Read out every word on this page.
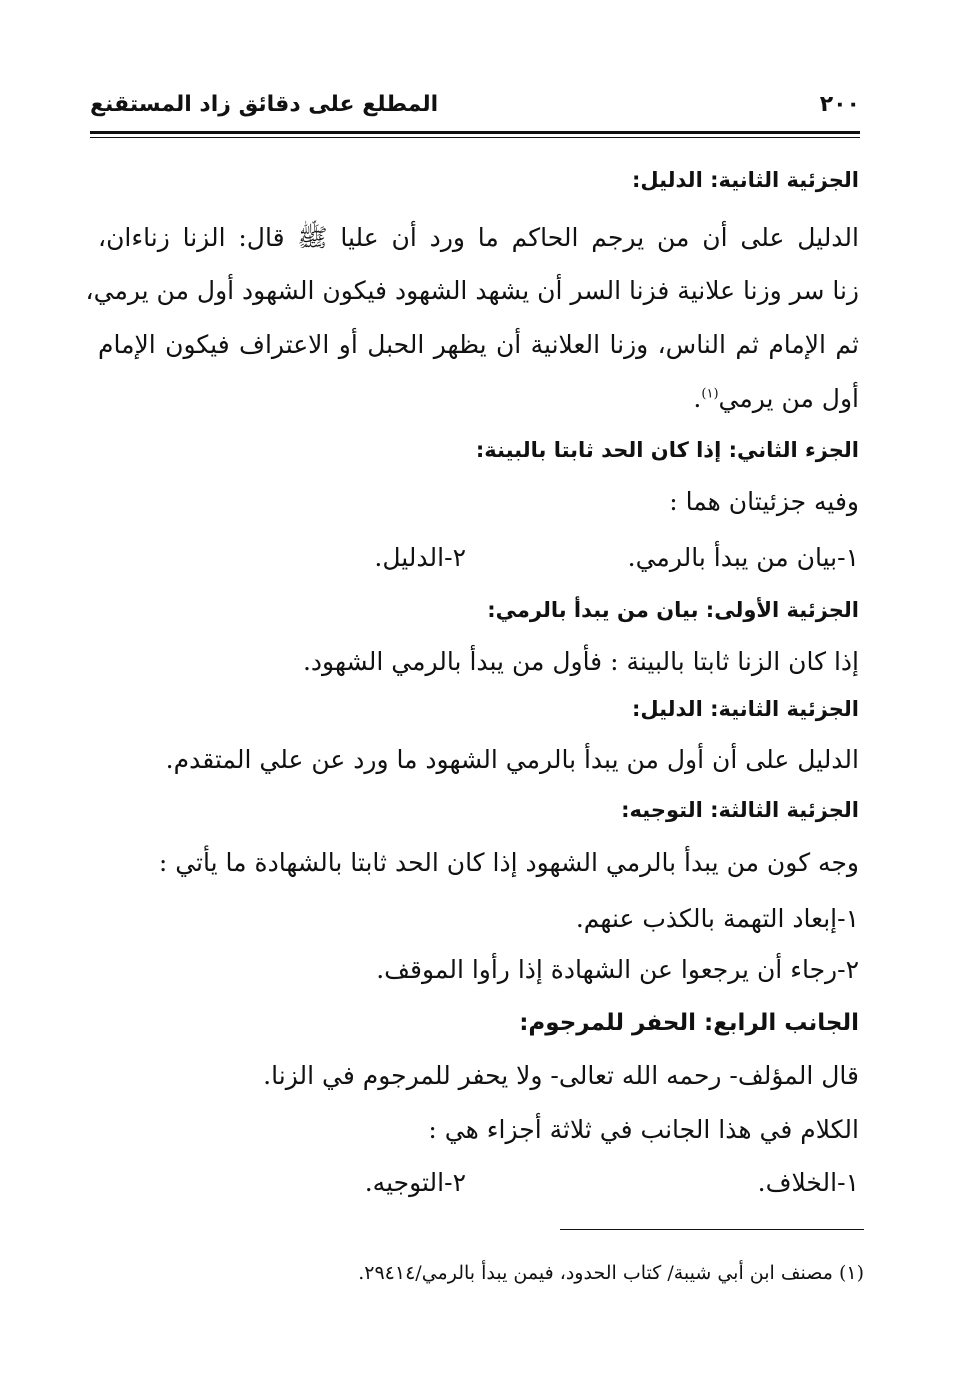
٢٠٠
المطلع على دقائق زاد المستقنع
الجزئية الثانية: الدليل:
الدليل على أن من يرجم الحاكم ما ورد أن عليا ﷺ قال: الزنا زناءان،
زنا سر وزنا علانية فزنا السر أن يشهد الشهود فيكون الشهود أول من يرمي،
ثم الإمام ثم الناس، وزنا العلانية أن يظهر الحبل أو الاعتراف فيكون الإمام
أول من يرمي$^{(١)}$.
الجزء الثاني: إذا كان الحد ثابتا بالبينة:
وفيه جزئيتان هما :
١-بيان من يبدأ بالرمي.
٢-الدليل.
الجزئية الأولى: بيان من يبدأ بالرمي:
إذا كان الزنا ثابتا بالبينة : فأول من يبدأ بالرمي الشهود.
الجزئية الثانية: الدليل:
الدليل على أن أول من يبدأ بالرمي الشهود ما ورد عن علي المتقدم.
الجزئية الثالثة: التوجيه:
وجه كون من يبدأ بالرمي الشهود إذا كان الحد ثابتا بالشهادة ما يأتي :
١-إبعاد التهمة بالكذب عنهم.
٢-رجاء أن يرجعوا عن الشهادة إذا رأوا الموقف.
الجانب الرابع: الحفر للمرجوم:
قال المؤلف- رحمه الله تعالى- ولا يحفر للمرجوم في الزنا.
الكلام في هذا الجانب في ثلاثة أجزاء هي :
١-الخلاف.
٢-التوجيه.
(١) مصنف ابن أبي شيبة/ كتاب الحدود، فيمن يبدأ بالرمي/٢٩٤١٤.
